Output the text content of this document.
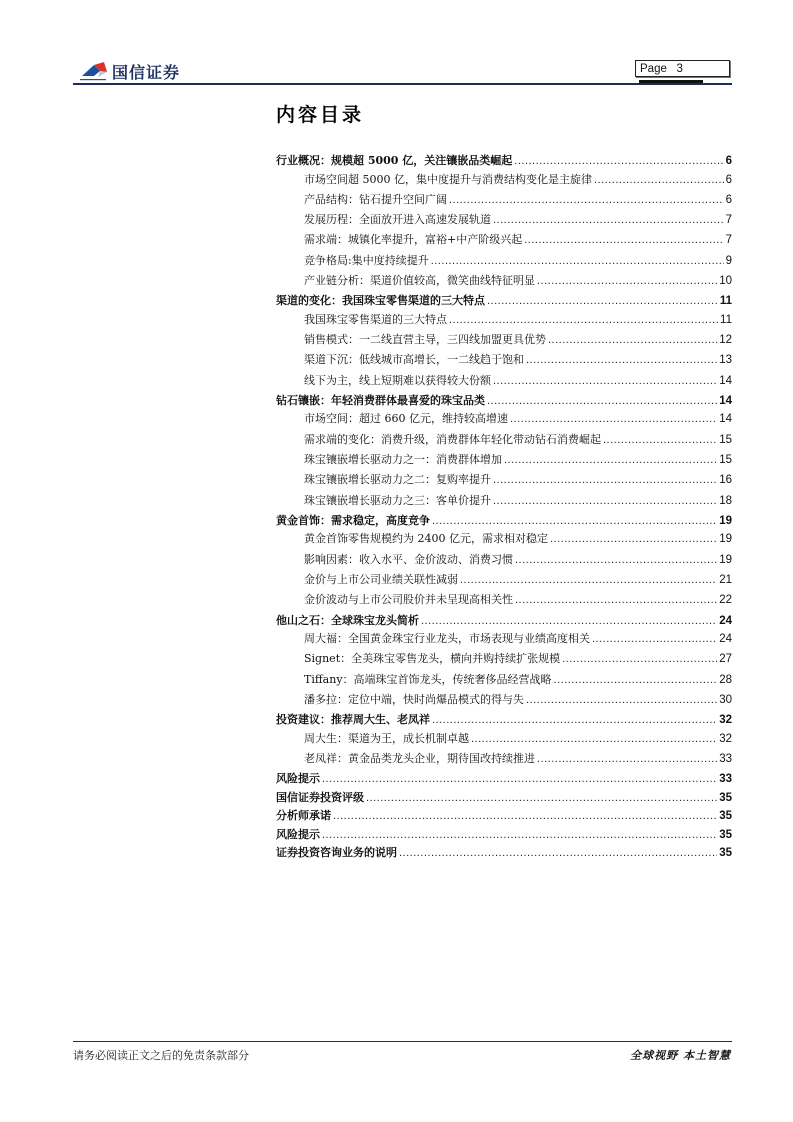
国信证券	Page 3
内容目录
行业概况：规模超 5000 亿，关注镶嵌品类崛起 .....	6
市场空间超 5000 亿，集中度提升与消费结构变化是主旋律 .....	6
产品结构：钻石提升空间广阔 .....	6
发展历程：全面放开进入高速发展轨道 .....	7
需求端：城镇化率提升，富裕+中产阶级兴起 .....	7
竞争格局:集中度持续提升 .....	9
产业链分析：渠道价值较高，微笑曲线特征明显 .....	10
渠道的变化：我国珠宝零售渠道的三大特点 .....	11
我国珠宝零售渠道的三大特点 .....	11
销售模式：一二线直营主导，三四线加盟更具优势 .....	12
渠道下沉：低线城市高增长，一二线趋于饱和 .....	13
线下为主，线上短期难以获得较大份额 .....	14
钻石镶嵌：年轻消费群体最喜爱的珠宝品类 .....	14
市场空间：超过 660 亿元，维持较高增速 .....	14
需求端的变化：消费升级，消费群体年轻化带动钻石消费崛起 .....	15
珠宝镶嵌增长驱动力之一：消费群体增加 .....	15
珠宝镶嵌增长驱动力之二：复购率提升 .....	16
珠宝镶嵌增长驱动力之三：客单价提升 .....	18
黄金首饰：需求稳定，高度竞争 .....	19
黄金首饰零售规模约为 2400 亿元，需求相对稳定 .....	19
影响因素：收入水平、金价波动、消费习惯 .....	19
金价与上市公司业绩关联性减弱 .....	21
金价波动与上市公司股价并未呈现高相关性 .....	22
他山之石：全球珠宝龙头简析 .....	24
周大福：全国黄金珠宝行业龙头，市场表现与业绩高度相关 .....	24
Signet：全美珠宝零售龙头，横向并购持续扩张规模 .....	27
Tiffany：高端珠宝首饰龙头，传统奢侈品经营战略 .....	28
潘多拉：定位中端，快时尚爆品模式的得与失 .....	30
投资建议：推荐周大生、老凤祥 .....	32
周大生：渠道为王，成长机制卓越 .....	32
老凤祥：黄金品类龙头企业，期待国改持续推进 .....	33
风险提示 .....	33
国信证券投资评级 .....	35
分析师承诺 .....	35
风险提示 .....	35
证券投资咨询业务的说明 .....	35
请务必阅读正文之后的免责条款部分	全球视野 本土智慧
